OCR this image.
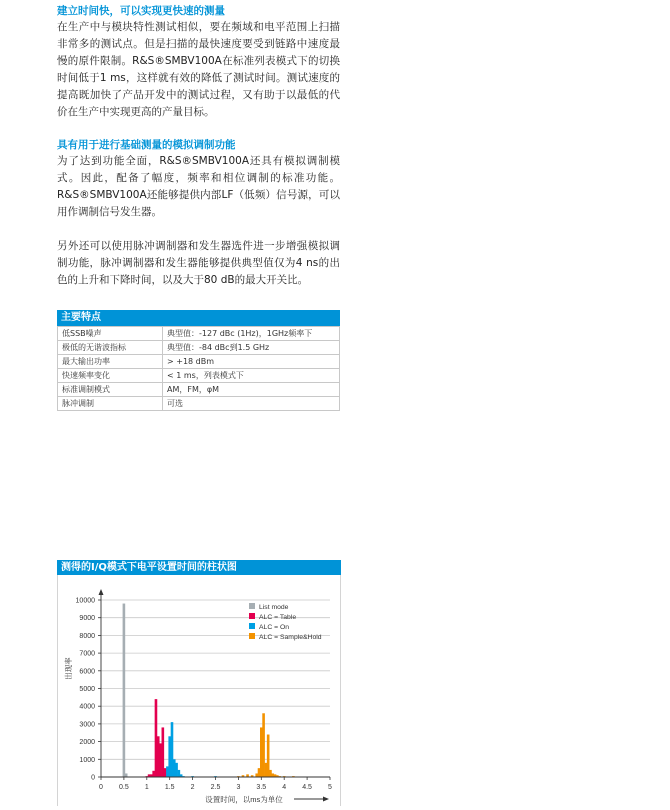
建立时间快，可以实现更快速的测量

在生产中与模块特性测试相似，要在频域和电平范围上扫描非常多的测试点。但是扫描的最快速度要受到链路中速度最慢的原件限制。R&S®SMBV100A在标准列表模式下的切换时间低于1 ms，这样就有效的降低了测试时间。测试速度的提高既加快了产品开发中的测试过程，又有助于以最低的代价在生产中实现更高的产量目标。

具有用于进行基础测量的模拟调制功能

为了达到功能全面，R&S®SMBV100A还具有模拟调制模式。因此，配备了幅度，频率和相位调制的标准功能。R&S®SMBV100A还能够提供内部LF（低频）信号源，可以用作调制信号发生器。

另外还可以使用脉冲调制器和发生器选件进一步增强模拟调制功能，脉冲调制器和发生器能够提供典型值仅为4 ns的出色的上升和下降时间，以及大于80 dB的最大开关比。

主要特点
低SSB噪声	典型值：-127 dBc (1Hz)，1GHz频率下
极低的无谐波指标	典型值：-84 dBc到1.5 GHz
最大输出功率	> +18 dBm
快速频率变化	< 1 ms，列表模式下
标准调制模式	AM，FM，φM
脉冲调制	可选
测得的I/Q模式下电平设置时间的柱状图
0
1000
2000
3000
4000
5000
6000
7000
8000
9000
10000
0 0.5 1 1.5 2 2.5 3 3.5 4 4.5 5
出现率
设置时间，以ms为单位
List mode
ALC = Table
ALC = On
ALC = Sample&Hold
